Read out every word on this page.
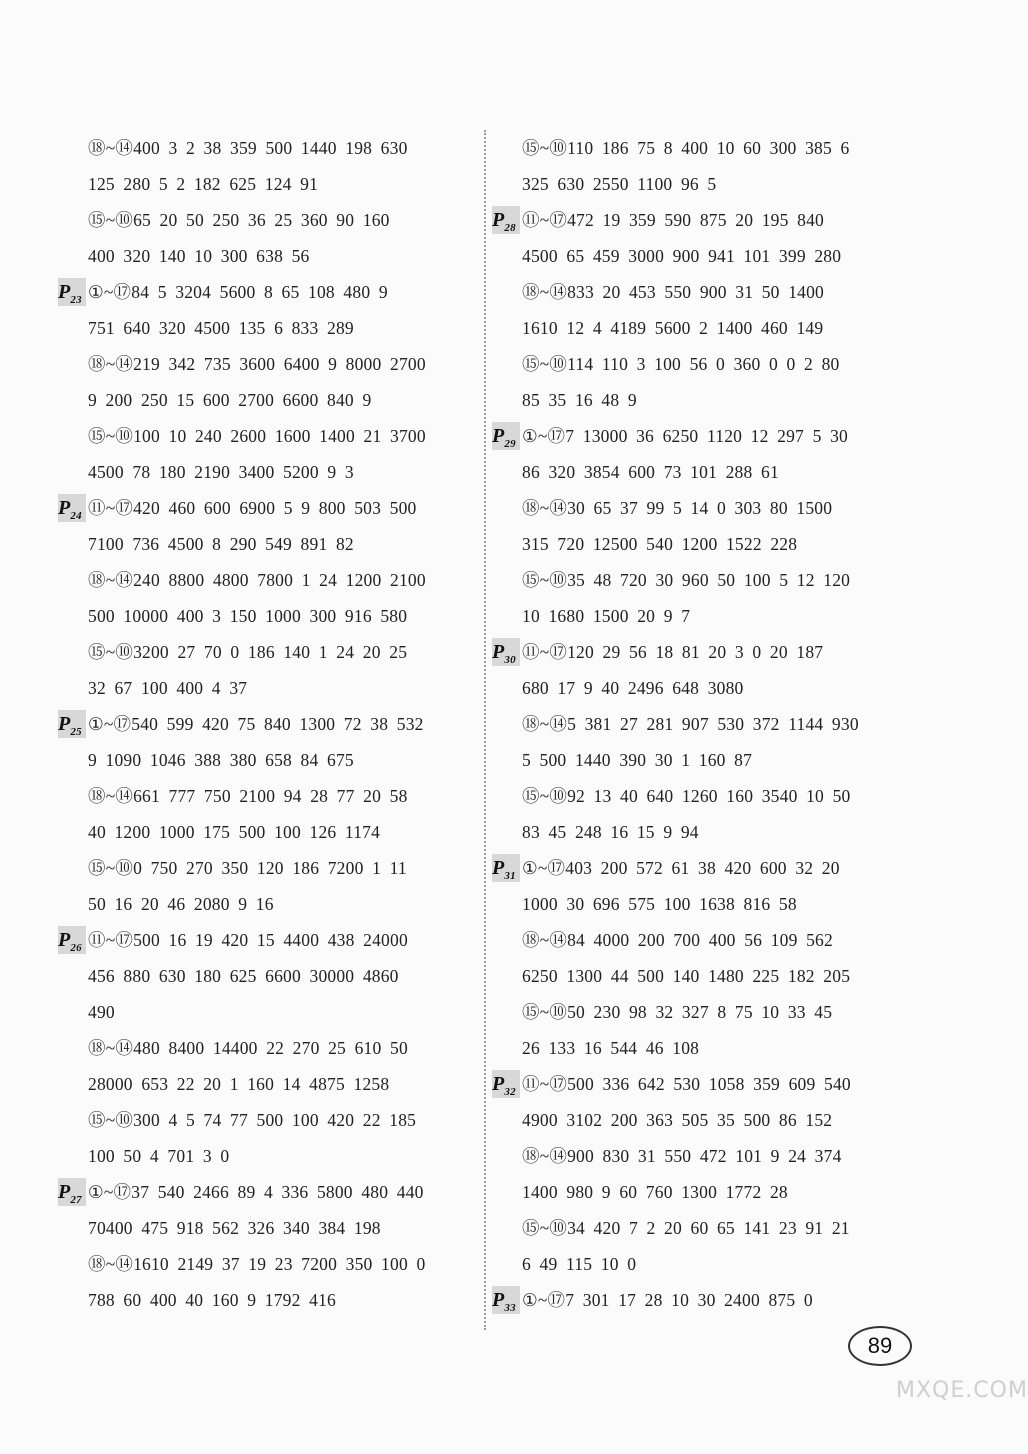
⑱~⑭400 3 2 38 359 500 1440 198 630
125 280 5 2 182 625 124 91
⑮~⑩65 20 50 250 36 25 360 90 160
400 320 140 10 300 638 56
$P_{23}$ ①~⑰84 5 3204 5600 8 65 108 480 9
751 640 320 4500 135 6 833 289
⑱~⑭219 342 735 3600 6400 9 8000 2700
9 200 250 15 600 2700 6600 840 9
⑮~⑩100 10 240 2600 1600 1400 21 3700
4500 78 180 2190 3400 5200 9 3
$P_{24}$ ⑪~⑰420 460 600 6900 5 9 800 503 500
7100 736 4500 8 290 549 891 82
⑱~⑭240 8800 4800 7800 1 24 1200 2100
500 10000 400 3 150 1000 300 916 580
⑮~⑩3200 27 70 0 186 140 1 24 20 25
32 67 100 400 4 37
$P_{25}$ ①~⑰540 599 420 75 840 1300 72 38 532
9 1090 1046 388 380 658 84 675
⑱~⑭661 777 750 2100 94 28 77 20 58
40 1200 1000 175 500 100 126 1174
⑮~⑩0 750 270 350 120 186 7200 1 11
50 16 20 46 2080 9 16
$P_{26}$ ⑪~⑰500 16 19 420 15 4400 438 24000
456 880 630 180 625 6600 30000 4860
490
⑱~⑭480 8400 14400 22 270 25 610 50
28000 653 22 20 1 160 14 4875 1258
⑮~⑩300 4 5 74 77 500 100 420 22 185
100 50 4 701 3 0
$P_{27}$ ①~⑰37 540 2466 89 4 336 5800 480 440
70400 475 918 562 326 340 384 198
⑱~⑭1610 2149 37 19 23 7200 350 100 0
788 60 400 40 160 9 1792 416
⑮~⑩110 186 75 8 400 10 60 300 385 6
325 630 2550 1100 96 5
$P_{28}$ ⑪~⑰472 19 359 590 875 20 195 840
4500 65 459 3000 900 941 101 399 280
⑱~⑭833 20 453 550 900 31 50 1400
1610 12 4 4189 5600 2 1400 460 149
⑮~⑩114 110 3 100 56 0 360 0 0 2 80
85 35 16 48 9
$P_{29}$ ①~⑰7 13000 36 6250 1120 12 297 5 30
86 320 3854 600 73 101 288 61
⑱~⑭30 65 37 99 5 14 0 303 80 1500
315 720 12500 540 1200 1522 228
⑮~⑩35 48 720 30 960 50 100 5 12 120
10 1680 1500 20 9 7
$P_{30}$ ⑪~⑰120 29 56 18 81 20 3 0 20 187
680 17 9 40 2496 648 3080
⑱~⑭5 381 27 281 907 530 372 1144 930
5 500 1440 390 30 1 160 87
⑮~⑩92 13 40 640 1260 160 3540 10 50
83 45 248 16 15 9 94
$P_{31}$ ①~⑰403 200 572 61 38 420 600 32 20
1000 30 696 575 100 1638 816 58
⑱~⑭84 4000 200 700 400 56 109 562
6250 1300 44 500 140 1480 225 182 205
⑮~⑩50 230 98 32 327 8 75 10 33 45
26 133 16 544 46 108
$P_{32}$ ⑪~⑰500 336 642 530 1058 359 609 540
4900 3102 200 363 505 35 500 86 152
⑱~⑭900 830 31 550 472 101 9 24 374
1400 980 9 60 760 1300 1772 28
⑮~⑩34 420 7 2 20 60 65 141 23 91 21
6 49 115 10 0
$P_{33}$ ①~⑰7 301 17 28 10 30 2400 875 0
89
MXQE.COM
